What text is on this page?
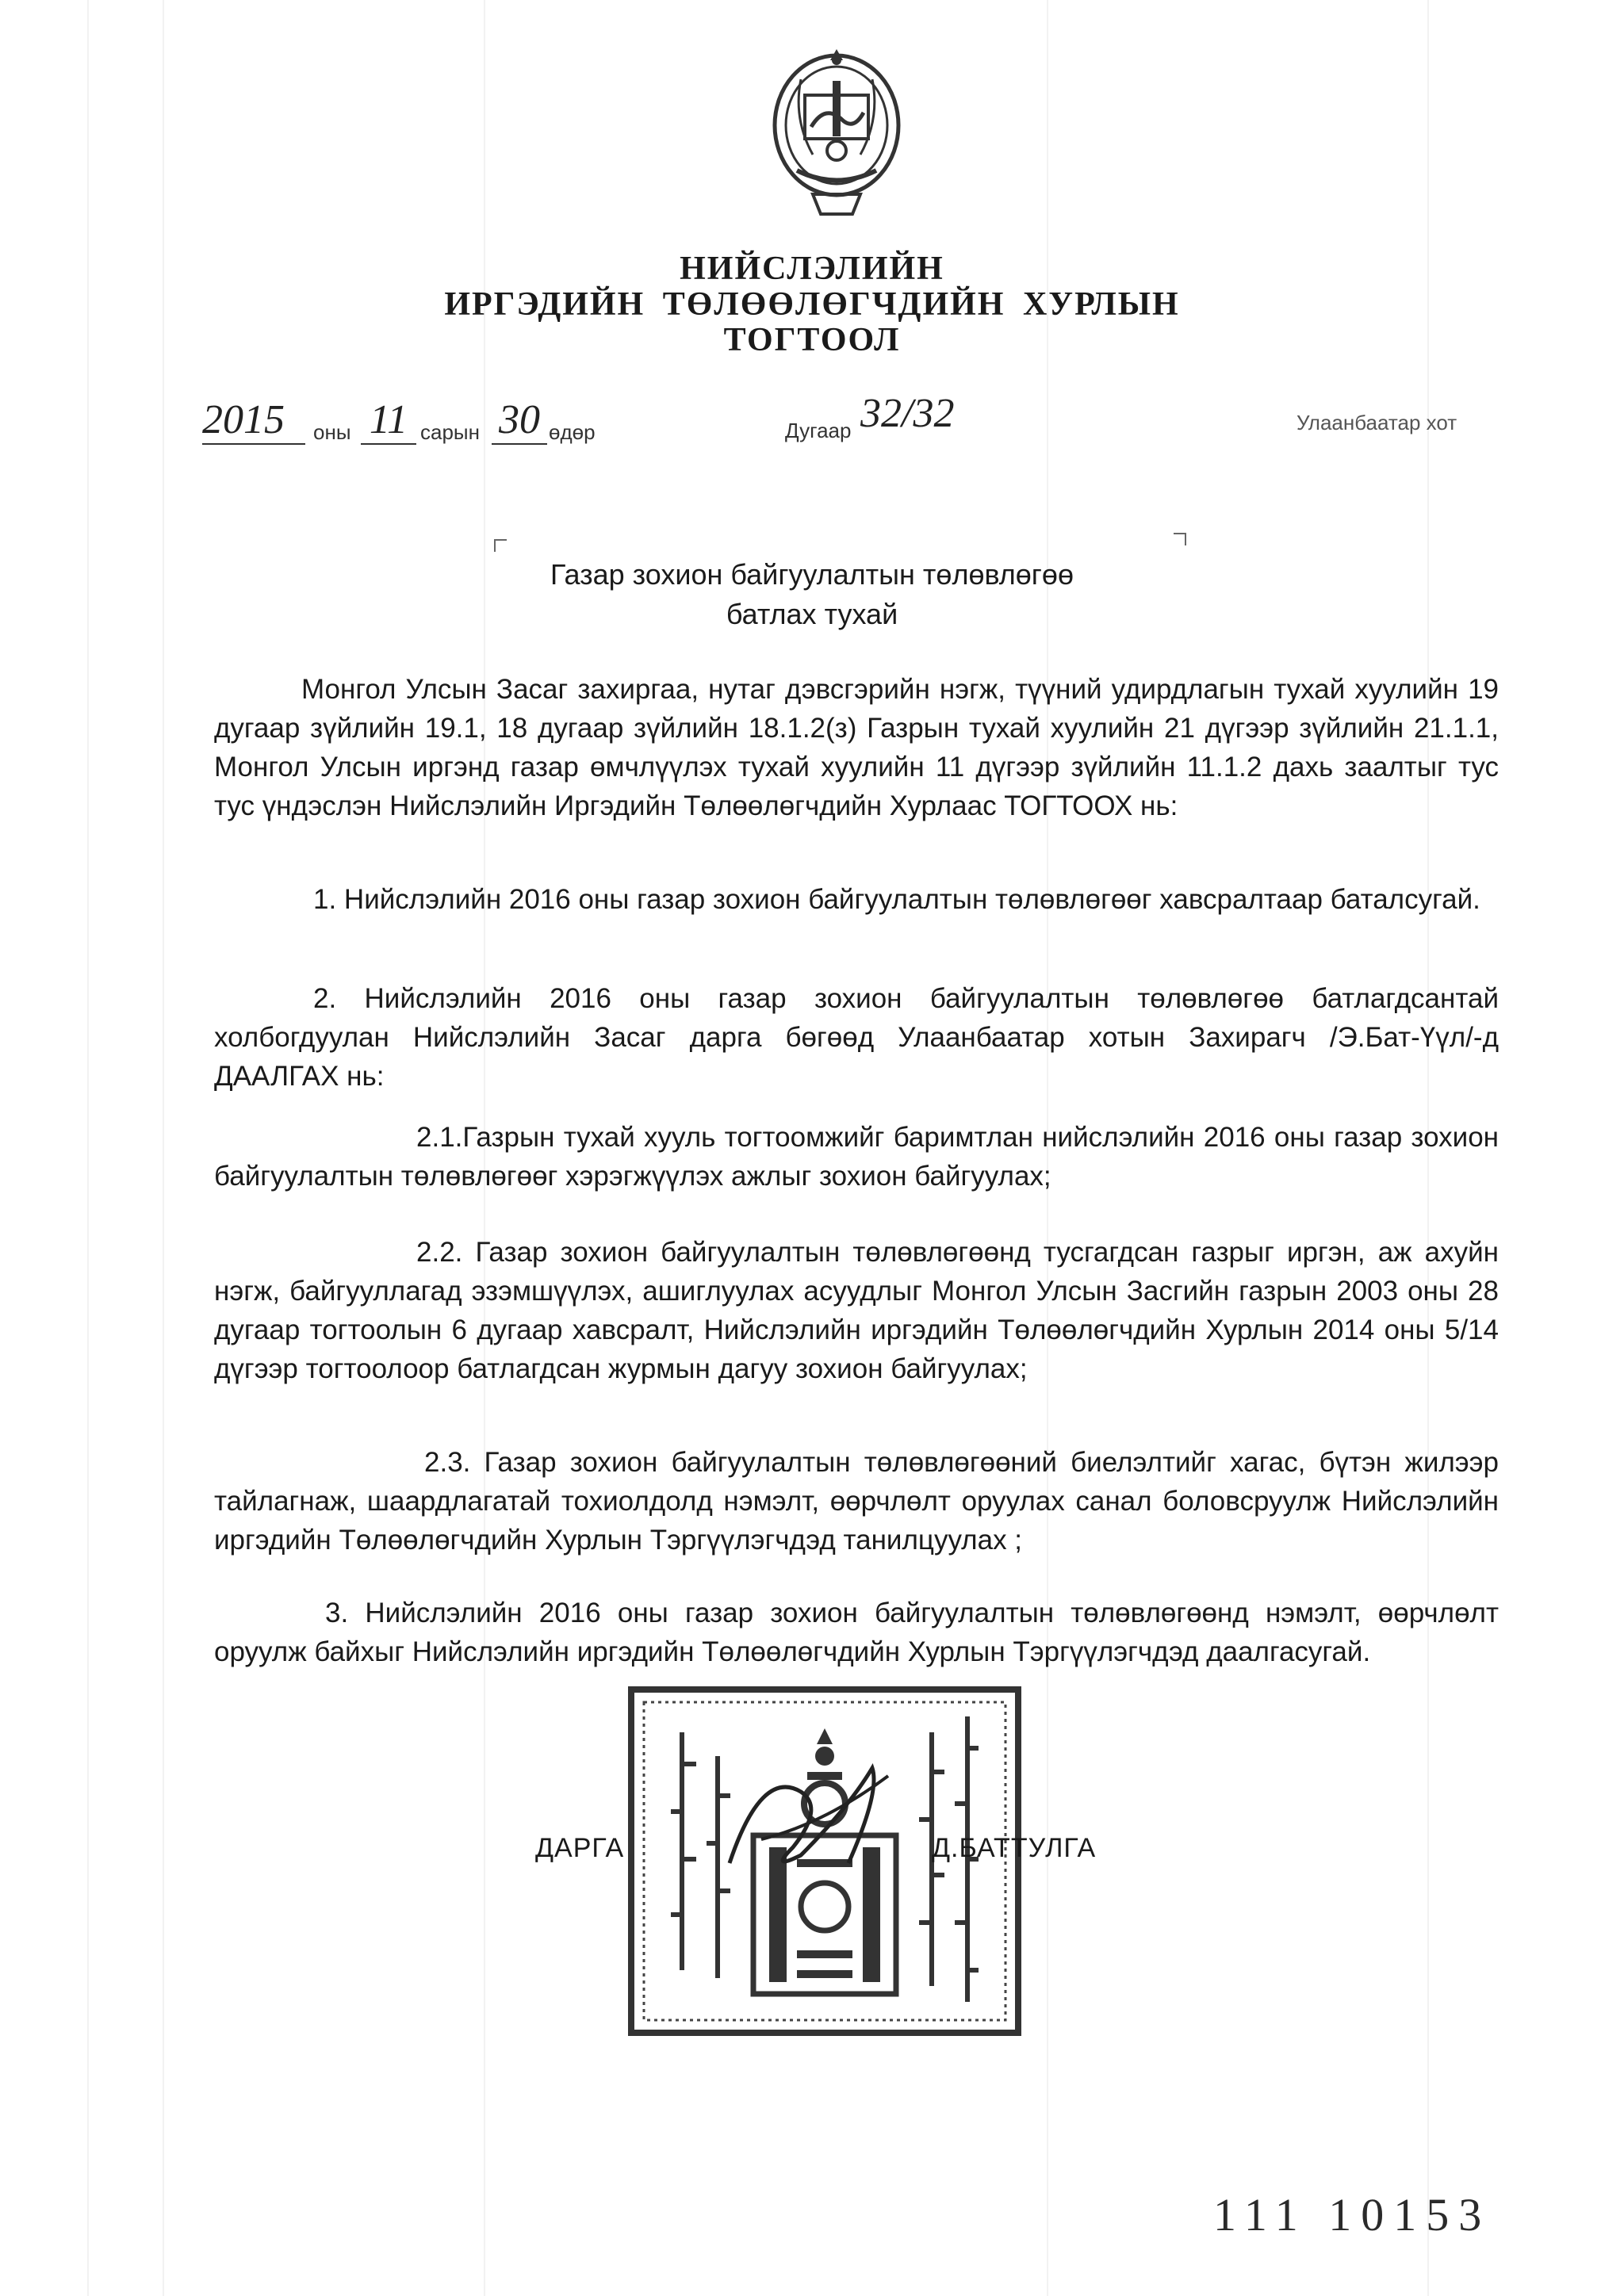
НИЙСЛЭЛИЙН
ИРГЭДИЙН ТӨЛӨӨЛӨГЧДИЙН ХУРЛЫН
ТОГТООЛ
2015	оны 11 сарын 30 өдөр	Дугаар 32/32	Улаанбаатар хот
Газар зохион байгуулалтын төлөвлөгөө
батлах тухай
Монгол Улсын Засаг захиргаа, нутаг дэвсгэрийн нэгж, түүний удирдлагын тухай хуулийн 19 дугаар зүйлийн 19.1, 18 дугаар зүйлийн 18.1.2(з) Газрын тухай хуулийн 21 дүгээр зүйлийн 21.1.1, Монгол Улсын иргэнд газар өмчлүүлэх тухай хуулийн 11 дүгээр зүйлийн 11.1.2 дахь заалтыг тус тус үндэслэн Нийслэлийн Иргэдийн Төлөөлөгчдийн Хурлаас ТОГТООХ нь:
1. Нийслэлийн 2016 оны газар зохион байгуулалтын төлөвлөгөөг хавсралтаар баталсугай.
2. Нийслэлийн 2016 оны газар зохион байгуулалтын төлөвлөгөө батлагдсантай холбогдуулан Нийслэлийн Засаг дарга бөгөөд Улаанбаатар хотын Захирагч /Э.Бат-Үүл/-д ДААЛГАХ нь:
2.1.Газрын тухай хууль тогтоомжийг баримтлан нийслэлийн 2016 оны газар зохион байгуулалтын төлөвлөгөөг хэрэгжүүлэх ажлыг зохион байгуулах;
2.2. Газар зохион байгуулалтын төлөвлөгөөнд тусгагдсан газрыг иргэн, аж ахуйн нэгж, байгууллагад эзэмшүүлэх, ашиглуулах асуудлыг Монгол Улсын Засгийн газрын 2003 оны 28 дугаар тогтоолын 6 дугаар хавсралт, Нийслэлийн иргэдийн Төлөөлөгчдийн Хурлын 2014 оны 5/14 дүгээр тогтоолоор батлагдсан журмын дагуу зохион байгуулах;
2.3. Газар зохион байгуулалтын төлөвлөгөөний биелэлтийг хагас, бүтэн жилээр тайлагнаж, шаардлагатай тохиолдолд нэмэлт, өөрчлөлт оруулах санал боловсруулж Нийслэлийн иргэдийн Төлөөлөгчдийн Хурлын Тэргүүлэгчдэд танилцуулах ;
3. Нийслэлийн 2016 оны газар зохион байгуулалтын төлөвлөгөөнд нэмэлт, өөрчлөлт оруулж байхыг Нийслэлийн иргэдийн Төлөөлөгчдийн Хурлын Тэргүүлэгчдэд даалгасугай.
ДАРГА	Д.БАТТУЛГА
111 10153
